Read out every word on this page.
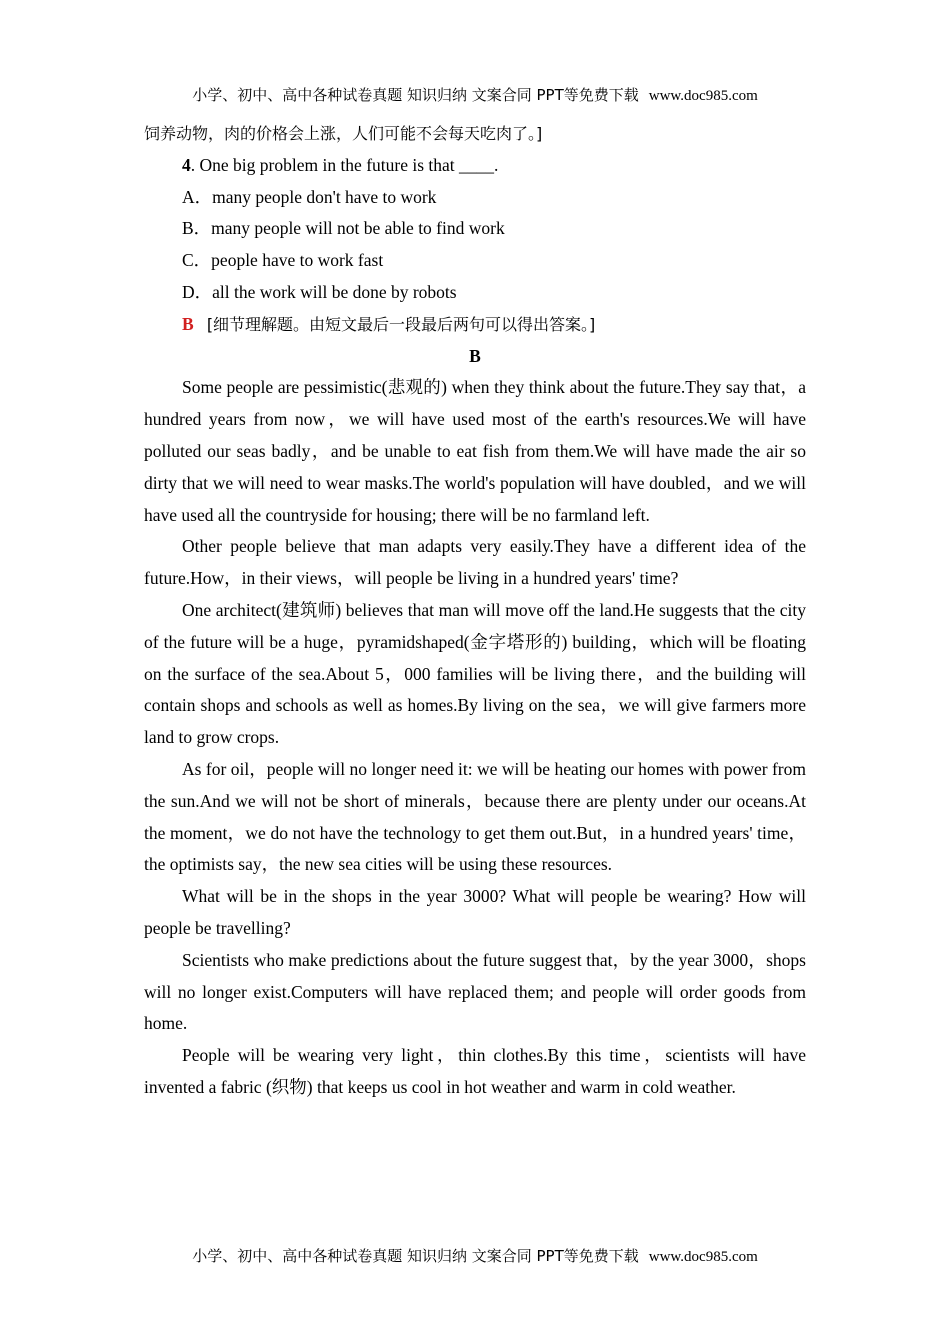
小学、初中、高中各种试卷真题 知识归纳 文案合同 PPT等免费下载 www.doc985.com

饲养动物，肉的价格会上涨，人们可能不会每天吃肉了。]

4. One big problem in the future is that ____.

A．many people don't have to work

B．many people will not be able to find work

C．people have to work fast

D．all the work will be done by robots

B [细节理解题。由短文最后一段最后两句可以得出答案。]

B

Some people are pessimistic(悲观的) when they think about the future.They say that，a hundred years from now，we will have used most of the earth's resources.We will have polluted our seas badly，and be unable to eat fish from them.We will have made the air so dirty that we will need to wear masks.The world's population will have doubled，and we will have used all the countryside for housing; there will be no farmland left.

Other people believe that man adapts very easily.They have a different idea of the future.How，in their views，will people be living in a hundred years' time?

One architect(建筑师) believes that man will move off the land.He suggests that the city of the future will be a huge，pyramidshaped(金字塔形的) building，which will be floating on the surface of the sea.About 5，000 families will be living there，and the building will contain shops and schools as well as homes.By living on the sea，we will give farmers more land to grow crops.

As for oil，people will no longer need it: we will be heating our homes with power from the sun.And we will not be short of minerals，because there are plenty under our oceans.At the moment，we do not have the technology to get them out.But，in a hundred years' time，the optimists say，the new sea cities will be using these resources.

What will be in the shops in the year 3000? What will people be wearing? How will people be travelling?

Scientists who make predictions about the future suggest that，by the year 3000，shops will no longer exist.Computers will have replaced them; and people will order goods from home.

People will be wearing very light，thin clothes.By this time，scientists will have invented a fabric (织物) that keeps us cool in hot weather and warm in cold weather.

小学、初中、高中各种试卷真题 知识归纳 文案合同 PPT等免费下载 www.doc985.com
